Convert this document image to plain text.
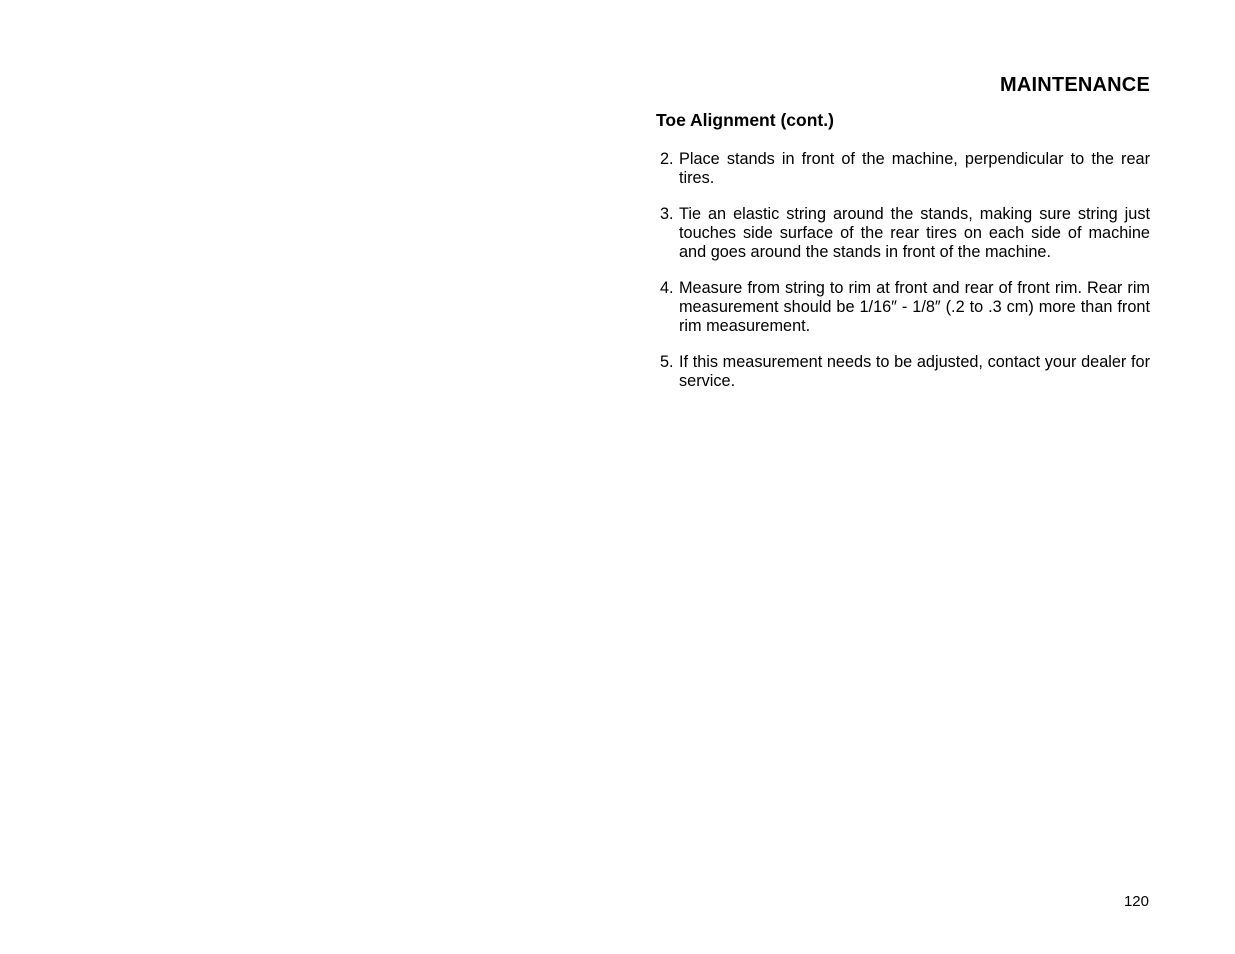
MAINTENANCE
Toe Alignment (cont.)
2. Place stands in front of the machine, perpendicular to the rear tires.
3. Tie an elastic string around the stands, making sure string just touches side surface of the rear tires on each side of machine and goes around the stands in front of the machine.
4. Measure from string to rim at front and rear of front rim. Rear rim measurement should be 1/16″ - 1/8″ (.2 to .3 cm) more than front rim measurement.
5. If this measurement needs to be adjusted, contact your dealer for service.

120
